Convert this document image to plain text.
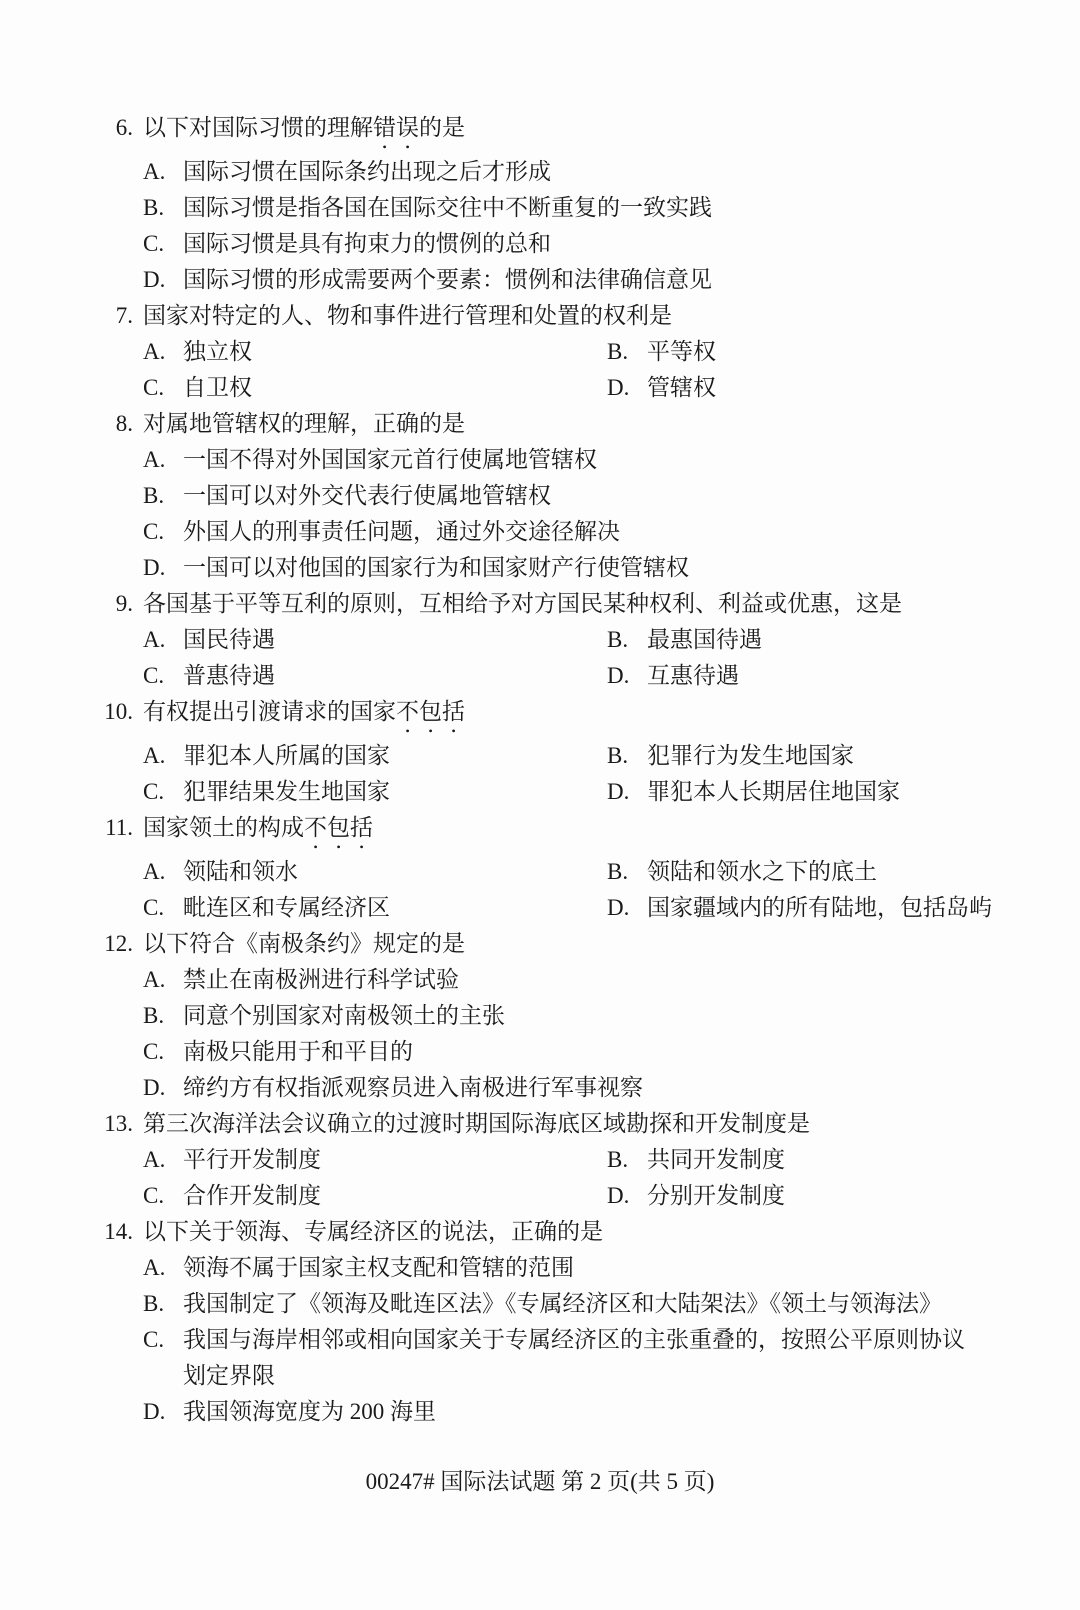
6. 以下对国际习惯的理解错误的是
A. 国际习惯在国际条约出现之后才形成
B. 国际习惯是指各国在国际交往中不断重复的一致实践
C. 国际习惯是具有拘束力的惯例的总和
D. 国际习惯的形成需要两个要素：惯例和法律确信意见
7. 国家对特定的人、物和事件进行管理和处置的权利是
A. 独立权	B. 平等权
C. 自卫权	D. 管辖权
8. 对属地管辖权的理解，正确的是
A. 一国不得对外国国家元首行使属地管辖权
B. 一国可以对外交代表行使属地管辖权
C. 外国人的刑事责任问题，通过外交途径解决
D. 一国可以对他国的国家行为和国家财产行使管辖权
9. 各国基于平等互利的原则，互相给予对方国民某种权利、利益或优惠，这是
A. 国民待遇	B. 最惠国待遇
C. 普惠待遇	D. 互惠待遇
10. 有权提出引渡请求的国家不包括
A. 罪犯本人所属的国家	B. 犯罪行为发生地国家
C. 犯罪结果发生地国家	D. 罪犯本人长期居住地国家
11. 国家领土的构成不包括
A. 领陆和领水	B. 领陆和领水之下的底土
C. 毗连区和专属经济区	D. 国家疆域内的所有陆地，包括岛屿
12. 以下符合《南极条约》规定的是
A. 禁止在南极洲进行科学试验
B. 同意个别国家对南极领土的主张
C. 南极只能用于和平目的
D. 缔约方有权指派观察员进入南极进行军事视察
13. 第三次海洋法会议确立的过渡时期国际海底区域勘探和开发制度是
A. 平行开发制度	B. 共同开发制度
C. 合作开发制度	D. 分别开发制度
14. 以下关于领海、专属经济区的说法，正确的是
A. 领海不属于国家主权支配和管辖的范围
B. 我国制定了《领海及毗连区法》《专属经济区和大陆架法》《领土与领海法》
C. 我国与海岸相邻或相向国家关于专属经济区的主张重叠的，按照公平原则协议
划定界限
D. 我国领海宽度为 200 海里
00247# 国际法试题 第 2 页(共 5 页)
